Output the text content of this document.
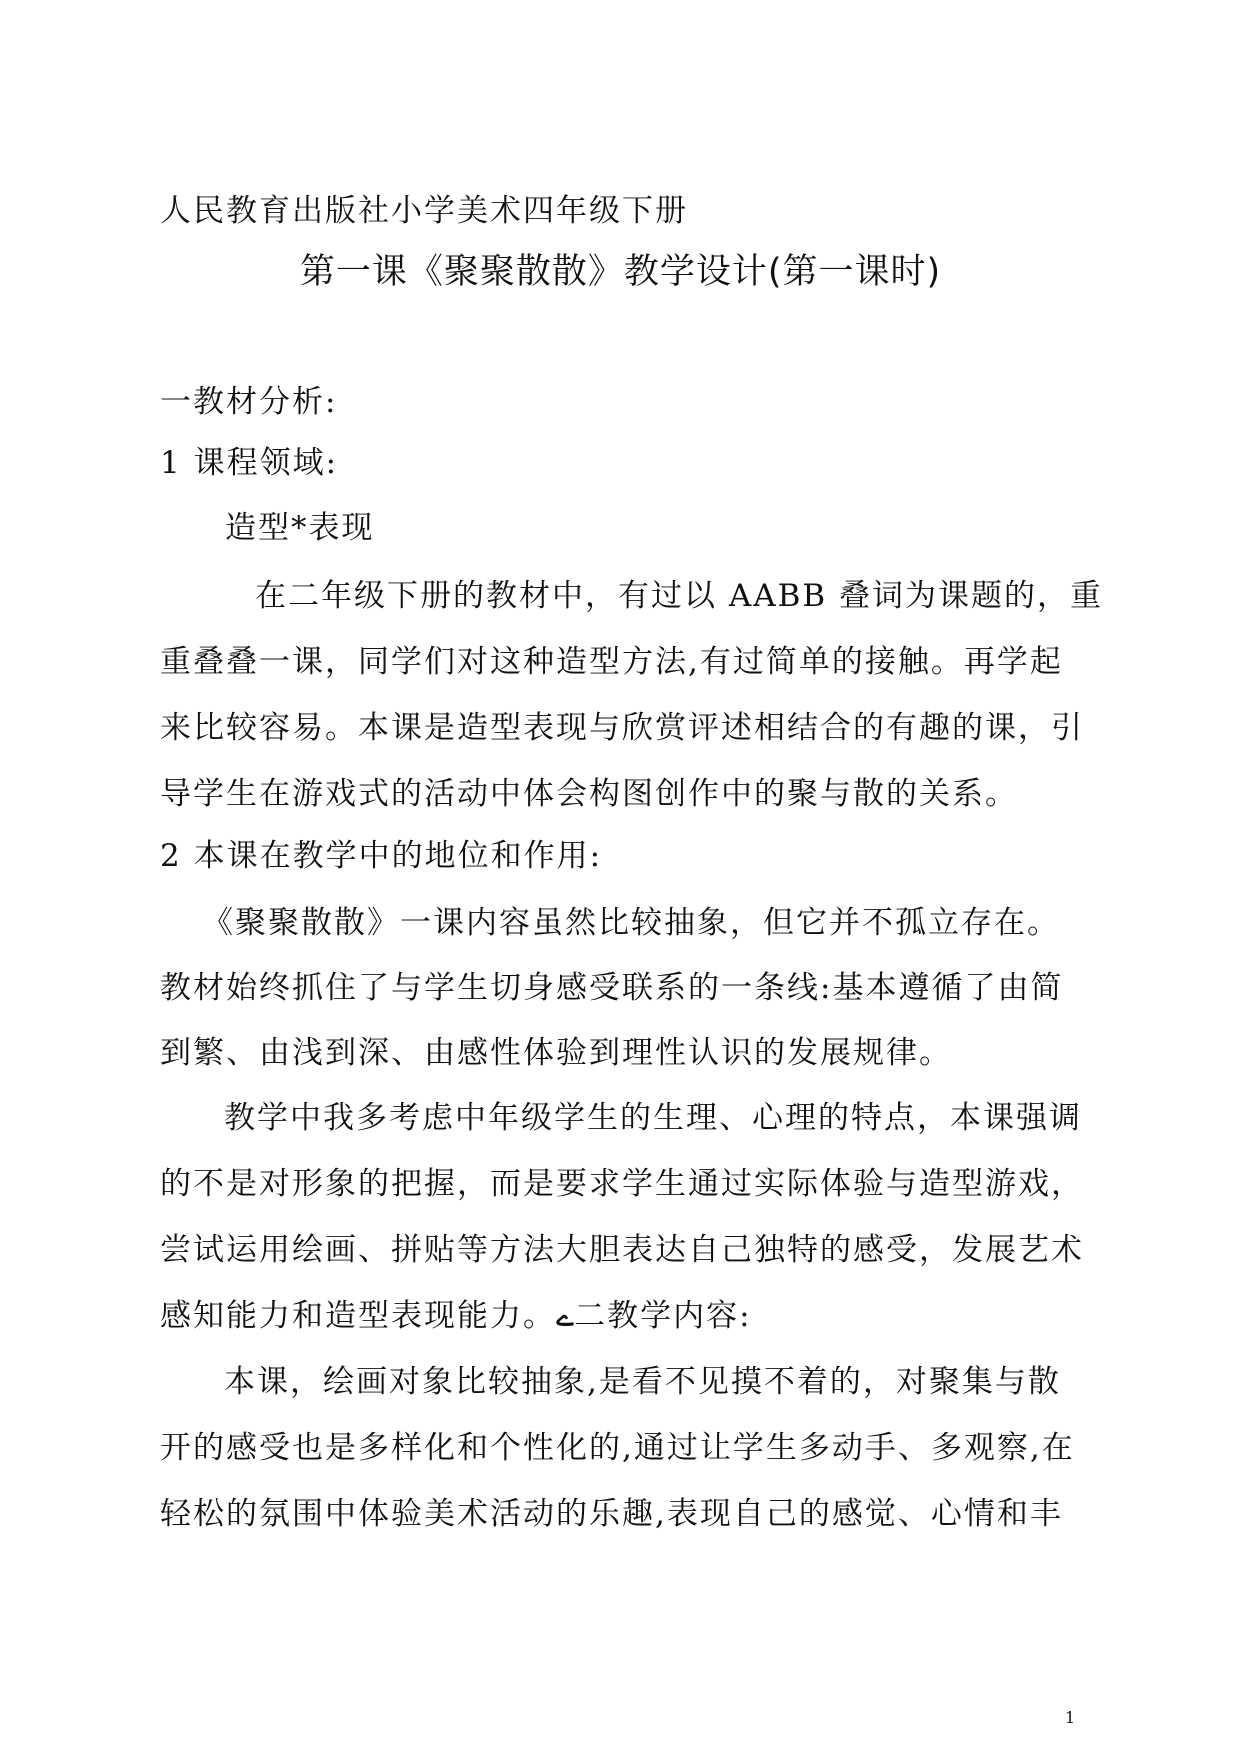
人民教育出版社小学美术四年级下册
第一课《聚聚散散》教学设计(第一课时)
一教材分析:
1 课程领域:
造型*表现
在二年级下册的教材中，有过以 AABB 叠词为课题的，重
重叠叠一课，同学们对这种造型方法,有过简单的接触。再学起
来比较容易。本课是造型表现与欣赏评述相结合的有趣的课，引
导学生在游戏式的活动中体会构图创作中的聚与散的关系。
2 本课在教学中的地位和作用:
《聚聚散散》一课内容虽然比较抽象，但它并不孤立存在。
教材始终抓住了与学生切身感受联系的一条线:基本遵循了由简
到繁、由浅到深、由感性体验到理性认识的发展规律。
教学中我多考虑中年级学生的生理、心理的特点，本课强调
的不是对形象的把握，而是要求学生通过实际体验与造型游戏，
尝试运用绘画、拼贴等方法大胆表达自己独特的感受，发展艺术
感知能力和造型表现能力。ے二教学内容:
本课，绘画对象比较抽象,是看不见摸不着的，对聚集与散
开的感受也是多样化和个性化的,通过让学生多动手、多观察,在
轻松的氛围中体验美术活动的乐趣,表现自己的感觉、心情和丰
1
